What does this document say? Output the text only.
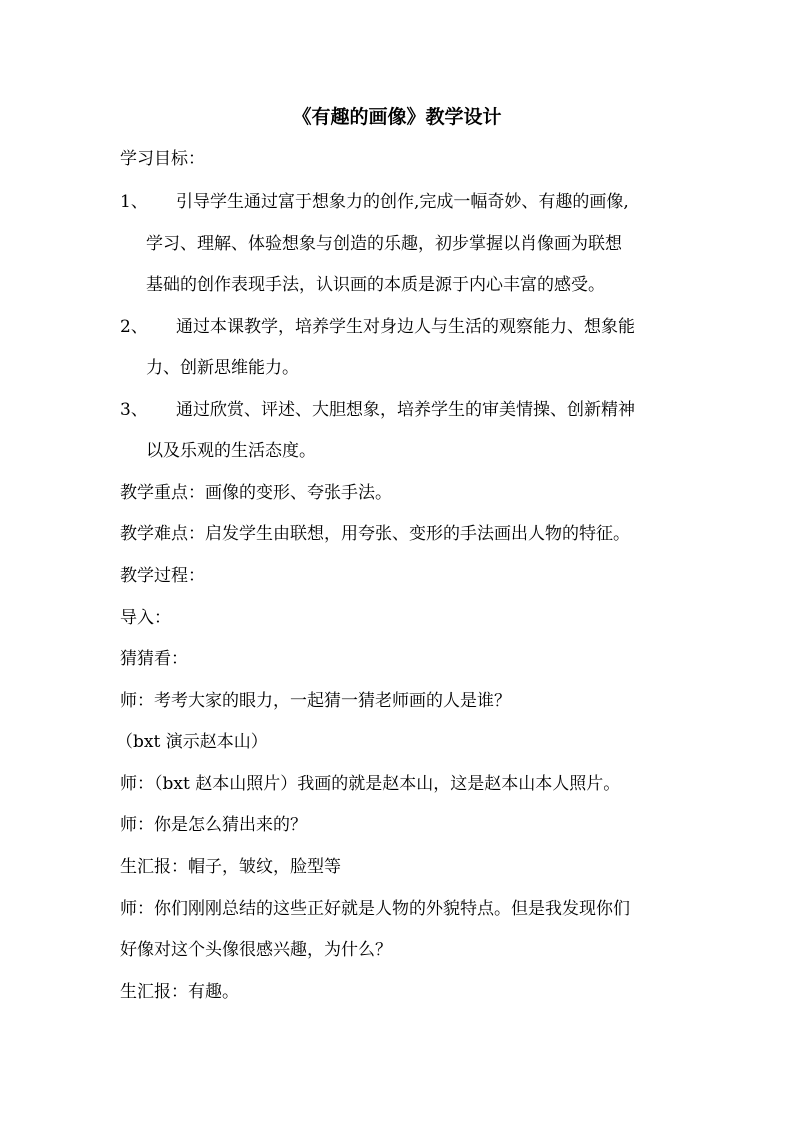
《有趣的画像》教学设计
学习目标：
1、 引导学生通过富于想象力的创作,完成一幅奇妙、有趣的画像,
学习、理解、体验想象与创造的乐趣，初步掌握以肖像画为联想
基础的创作表现手法，认识画的本质是源于内心丰富的感受。
2、 通过本课教学，培养学生对身边人与生活的观察能力、想象能
力、创新思维能力。
3、 通过欣赏、评述、大胆想象，培养学生的审美情操、创新精神
以及乐观的生活态度。
教学重点：画像的变形、夸张手法。
教学难点：启发学生由联想，用夸张、变形的手法画出人物的特征。
教学过程：
导入：
猜猜看：
师：考考大家的眼力，一起猜一猜老师画的人是谁？
（bxt 演示赵本山）
师：（bxt 赵本山照片）我画的就是赵本山，这是赵本山本人照片。
师：你是怎么猜出来的？
生汇报：帽子，皱纹，脸型等
师：你们刚刚总结的这些正好就是人物的外貌特点。但是我发现你们
好像对这个头像很感兴趣，为什么？
生汇报：有趣。
